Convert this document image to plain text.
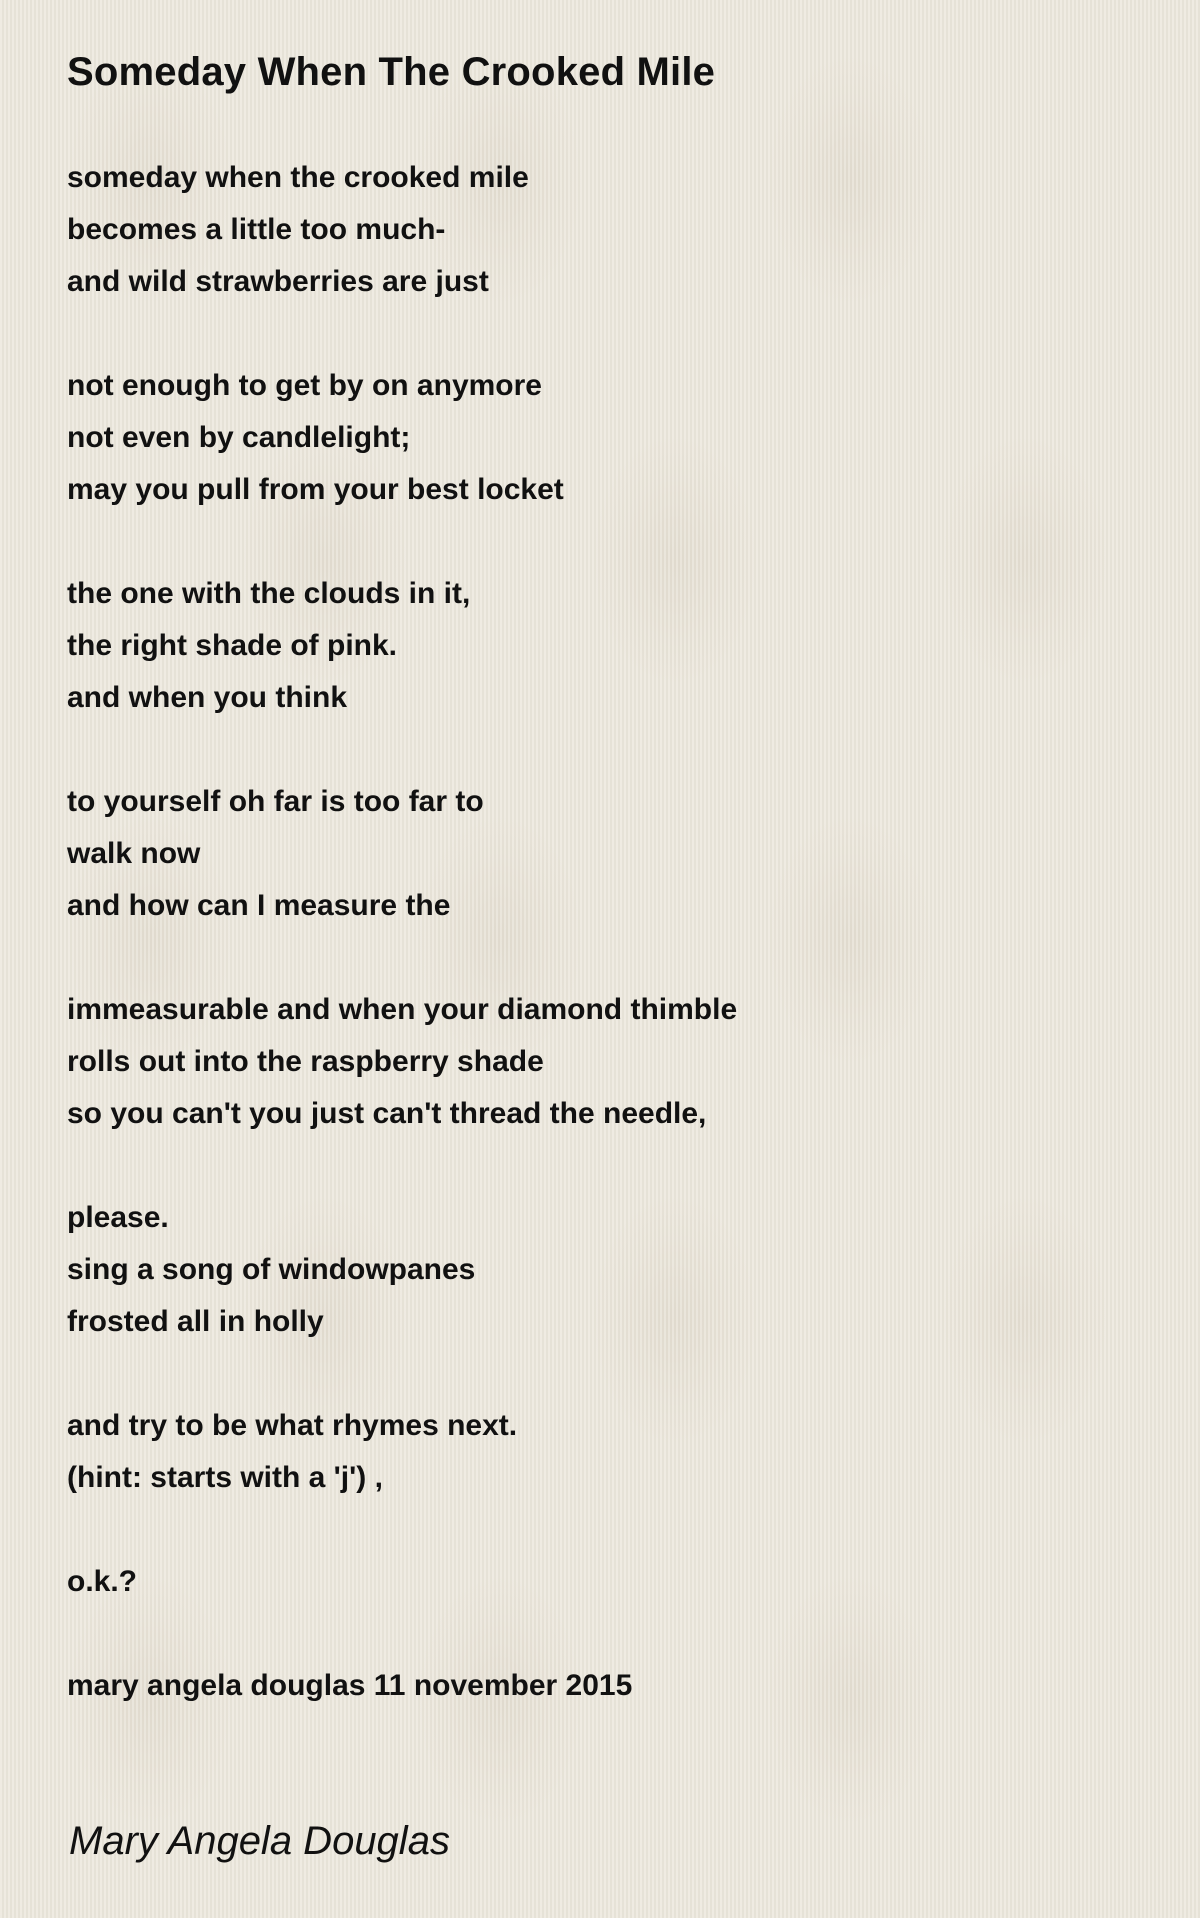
Someday When The Crooked Mile
someday when the crooked mile
becomes a little too much-
and wild strawberries are just
not enough to get by on anymore
not even by candlelight;
may you pull from your best locket
the one with the clouds in it,
the right shade of pink.
and when you think
to yourself oh far is too far to
walk now
and how can I measure the
immeasurable and when your diamond thimble
rolls out into the raspberry shade
so you can't you just can't thread the needle,
please.
sing a song of windowpanes
frosted all in holly
and try to be what rhymes next.
(hint: starts with a 'j') ,
o.k.?
mary angela douglas 11 november 2015
Mary Angela Douglas
